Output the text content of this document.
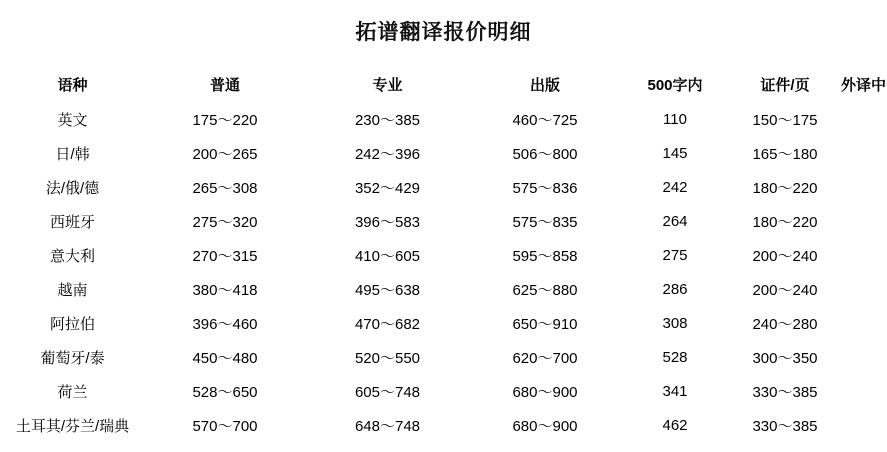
拓谱翻译报价明细
语种	普通	专业	出版	500字内	证件/页	外译中
英文	175～220	230～385	460～725	110	150～175	
日/韩	200～265	242～396	506～800	145	165～180	
法/俄/德	265～308	352～429	575～836	242	180～220	
西班牙	275～320	396～583	575～835	264	180～220	
意大利	270～315	410～605	595～858	275	200～240	
越南	380～418	495～638	625～880	286	200～240	
阿拉伯	396～460	470～682	650～910	308	240～280	
葡萄牙/泰	450～480	520～550	620～700	528	300～350	
荷兰	528～650	605～748	680～900	341	330～385	
土耳其/芬兰/瑞典	570～700	648～748	680～900	462	330～385	
